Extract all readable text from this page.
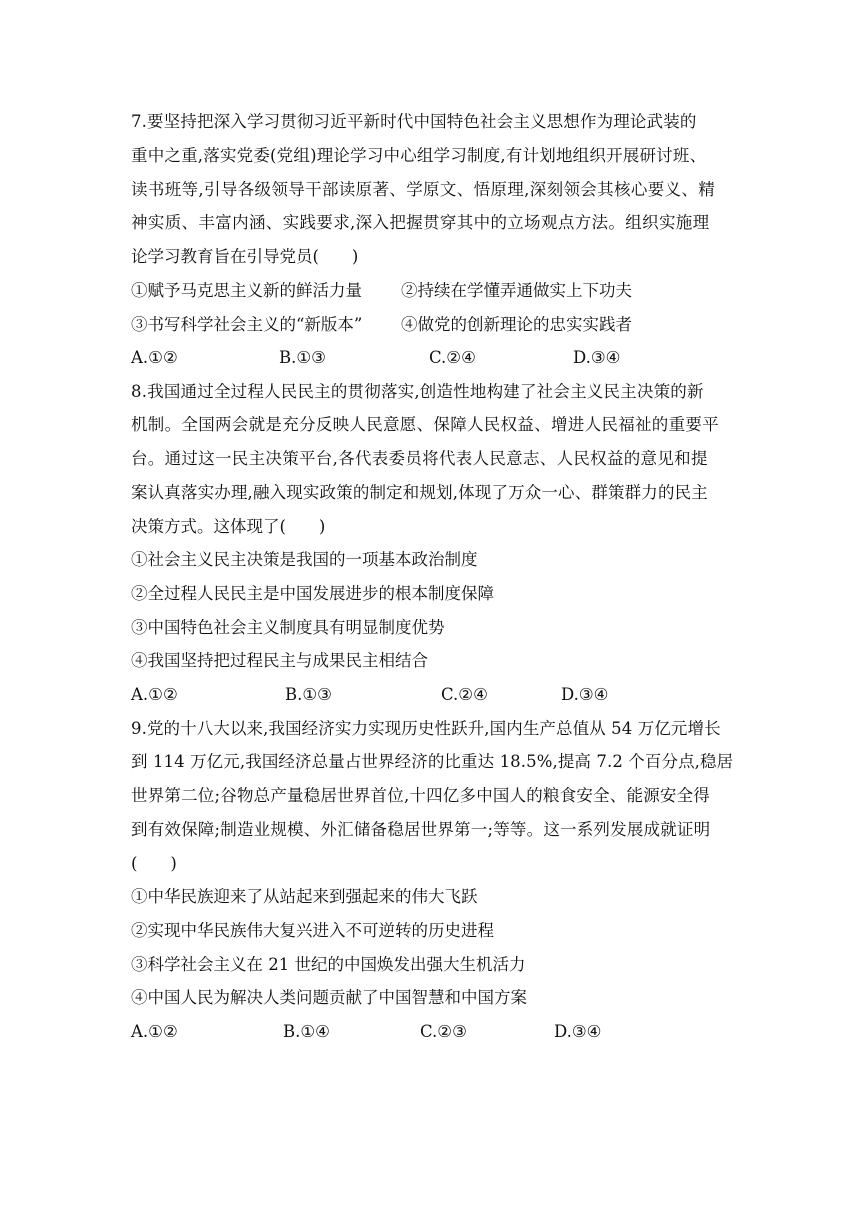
7.要坚持把深入学习贯彻习近平新时代中国特色社会主义思想作为理论武装的
重中之重,落实党委(党组)理论学习中心组学习制度,有计划地组织开展研讨班、
读书班等,引导各级领导干部读原著、学原文、悟原理,深刻领会其核心要义、精
神实质、丰富内涵、实践要求,深入把握贯穿其中的立场观点方法。组织实施理
论学习教育旨在引导党员(　　)
①赋予马克思主义新的鲜活力量 ②持续在学懂弄通做实上下功夫
③书写科学社会主义的“新版本” ④做党的创新理论的忠实实践者
A.①②	B.①③	C.②④	D.③④
8.我国通过全过程人民民主的贯彻落实,创造性地构建了社会主义民主决策的新
机制。全国两会就是充分反映人民意愿、保障人民权益、增进人民福祉的重要平
台。通过这一民主决策平台,各代表委员将代表人民意志、人民权益的意见和提
案认真落实办理,融入现实政策的制定和规划,体现了万众一心、群策群力的民主
决策方式。这体现了(　　)
①社会主义民主决策是我国的一项基本政治制度
②全过程人民民主是中国发展进步的根本制度保障
③中国特色社会主义制度具有明显制度优势
④我国坚持把过程民主与成果民主相结合
A.①②	B.①③	C.②④	D.③④
9.党的十八大以来,我国经济实力实现历史性跃升,国内生产总值从 54 万亿元增长
到 114 万亿元,我国经济总量占世界经济的比重达 18.5%,提高 7.2 个百分点,稳居
世界第二位;谷物总产量稳居世界首位,十四亿多中国人的粮食安全、能源安全得
到有效保障;制造业规模、外汇储备稳居世界第一;等等。这一系列发展成就证明
(　　)
①中华民族迎来了从站起来到强起来的伟大飞跃
②实现中华民族伟大复兴进入不可逆转的历史进程
③科学社会主义在 21 世纪的中国焕发出强大生机活力
④中国人民为解决人类问题贡献了中国智慧和中国方案
A.①②	B.①④	C.②③	D.③④
